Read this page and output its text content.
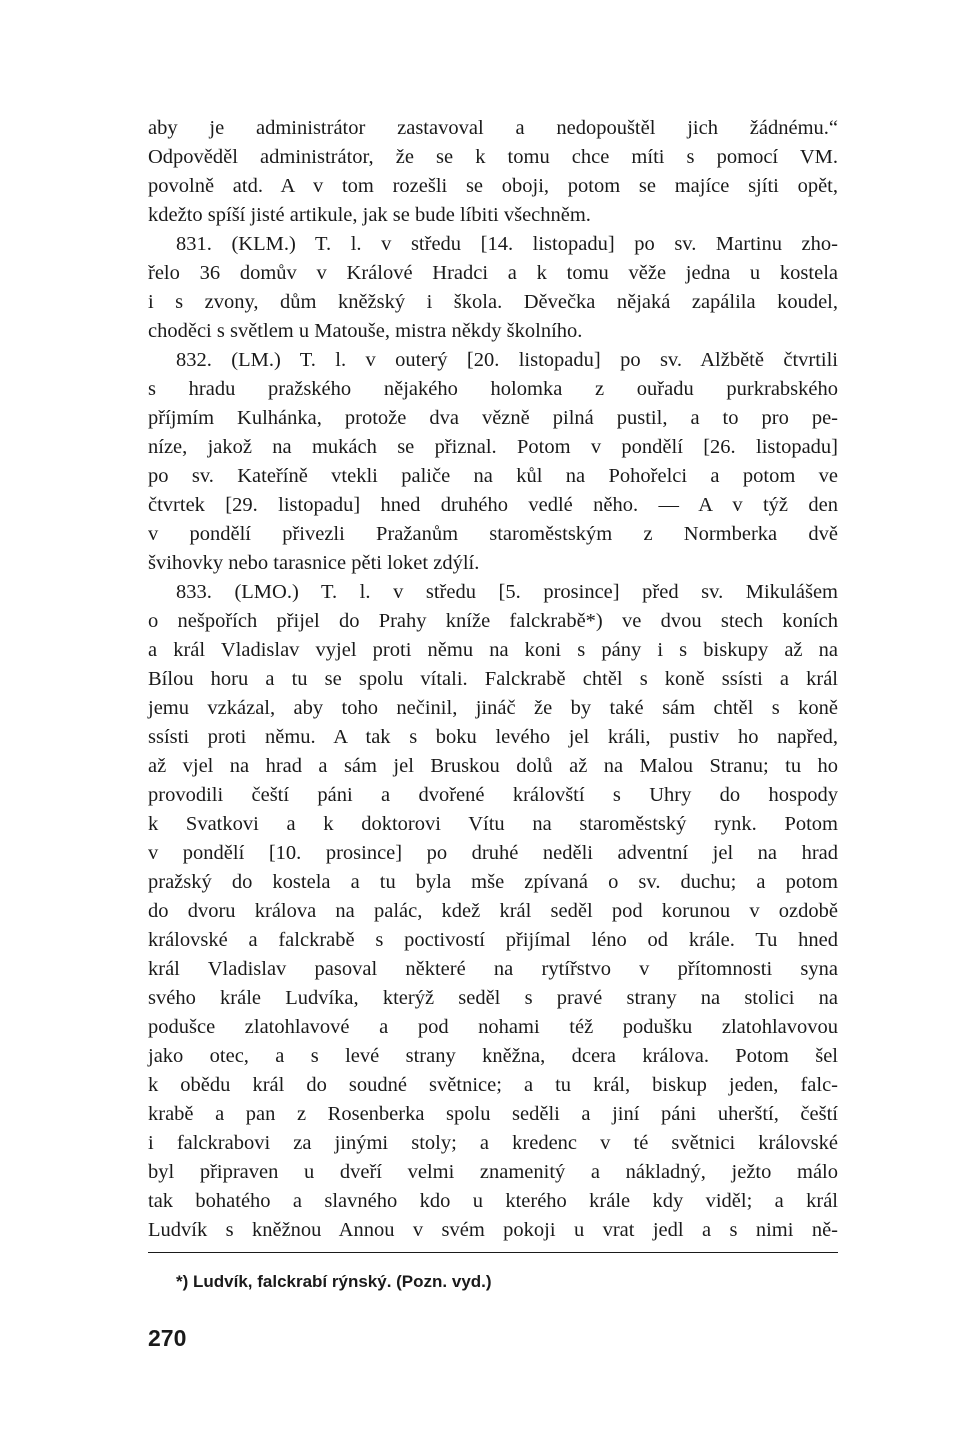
aby je administrátor zastavoval a nedopouštěl jich žádnému.“
Odpověděl administrátor, že se k tomu chce míti s pomocí VM.
povolně atd. A v tom rozešli se oboji, potom se majíce sjíti opět,
kdežto spíší jisté artikule, jak se bude líbiti všechněm.
831. (KLM.) T. l. v středu [14. listopadu] po sv. Martinu zho-
řelo 36 domův v Králové Hradci a k tomu věže jedna u kostela
i s zvony, dům kněžský i škola. Děvečka nějaká zapálila koudel,
choděci s světlem u Matouše, mistra někdy školního.
832. (LM.) T. l. v outerý [20. listopadu] po sv. Alžbětě čtvrtili
s hradu pražského nějakého holomka z ouřadu purkrabského
příjmím Kulhánka, protože dva vězně pilná pustil, a to pro pe-
níze, jakož na mukách se přiznal. Potom v pondělí [26. listopadu]
po sv. Kateříně vtekli paliče na kůl na Pohořelci a potom ve
čtvrtek [29. listopadu] hned druhého vedlé něho. — A v týž den
v pondělí přivezli Pražanům staroměstským z Normberka dvě
švihovky nebo tarasnice pěti loket zdýlí.
833. (LMO.) T. l. v středu [5. prosince] před sv. Mikulášem
o nešpořích přijel do Prahy kníže falckrabě*) ve dvou stech koních
a král Vladislav vyjel proti němu na koni s pány i s biskupy až na
Bílou horu a tu se spolu vítali. Falckrabě chtěl s koně ssísti a král
jemu vzkázal, aby toho nečinil, jináč že by také sám chtěl s koně
ssísti proti němu. A tak s boku levého jel králi, pustiv ho napřed,
až vjel na hrad a sám jel Bruskou dolů až na Malou Stranu; tu ho
provodili čeští páni a dvořené královští s Uhry do hospody
k Svatkovi a k doktorovi Vítu na staroměstský rynk. Potom
v pondělí [10. prosince] po druhé neděli adventní jel na hrad
pražský do kostela a tu byla mše zpívaná o sv. duchu; a potom
do dvoru králova na palác, kdež král seděl pod korunou v ozdobě
královské a falckrabě s poctivostí přijímal léno od krále. Tu hned
král Vladislav pasoval některé na rytířstvo v přítomnosti syna
svého krále Ludvíka, kterýž seděl s pravé strany na stolici na
podušce zlatohlavové a pod nohami též podušku zlatohlavovou
jako otec, a s levé strany kněžna, dcera králova. Potom šel
k obědu král do soudné světnice; a tu král, biskup jeden, falc-
krabě a pan z Rosenberka spolu seděli a jiní páni uherští, čeští
i falckrabovi za jinými stoly; a kredenc v té světnici královské
byl připraven u dveří velmi znamenitý a nákladný, ježto málo
tak bohatého a slavného kdo u kterého krále kdy viděl; a král
Ludvík s kněžnou Annou v svém pokoji u vrat jedl a s nimi ně-
*) Ludvík, falckrabí rýnský. (Pozn. vyd.)
270
